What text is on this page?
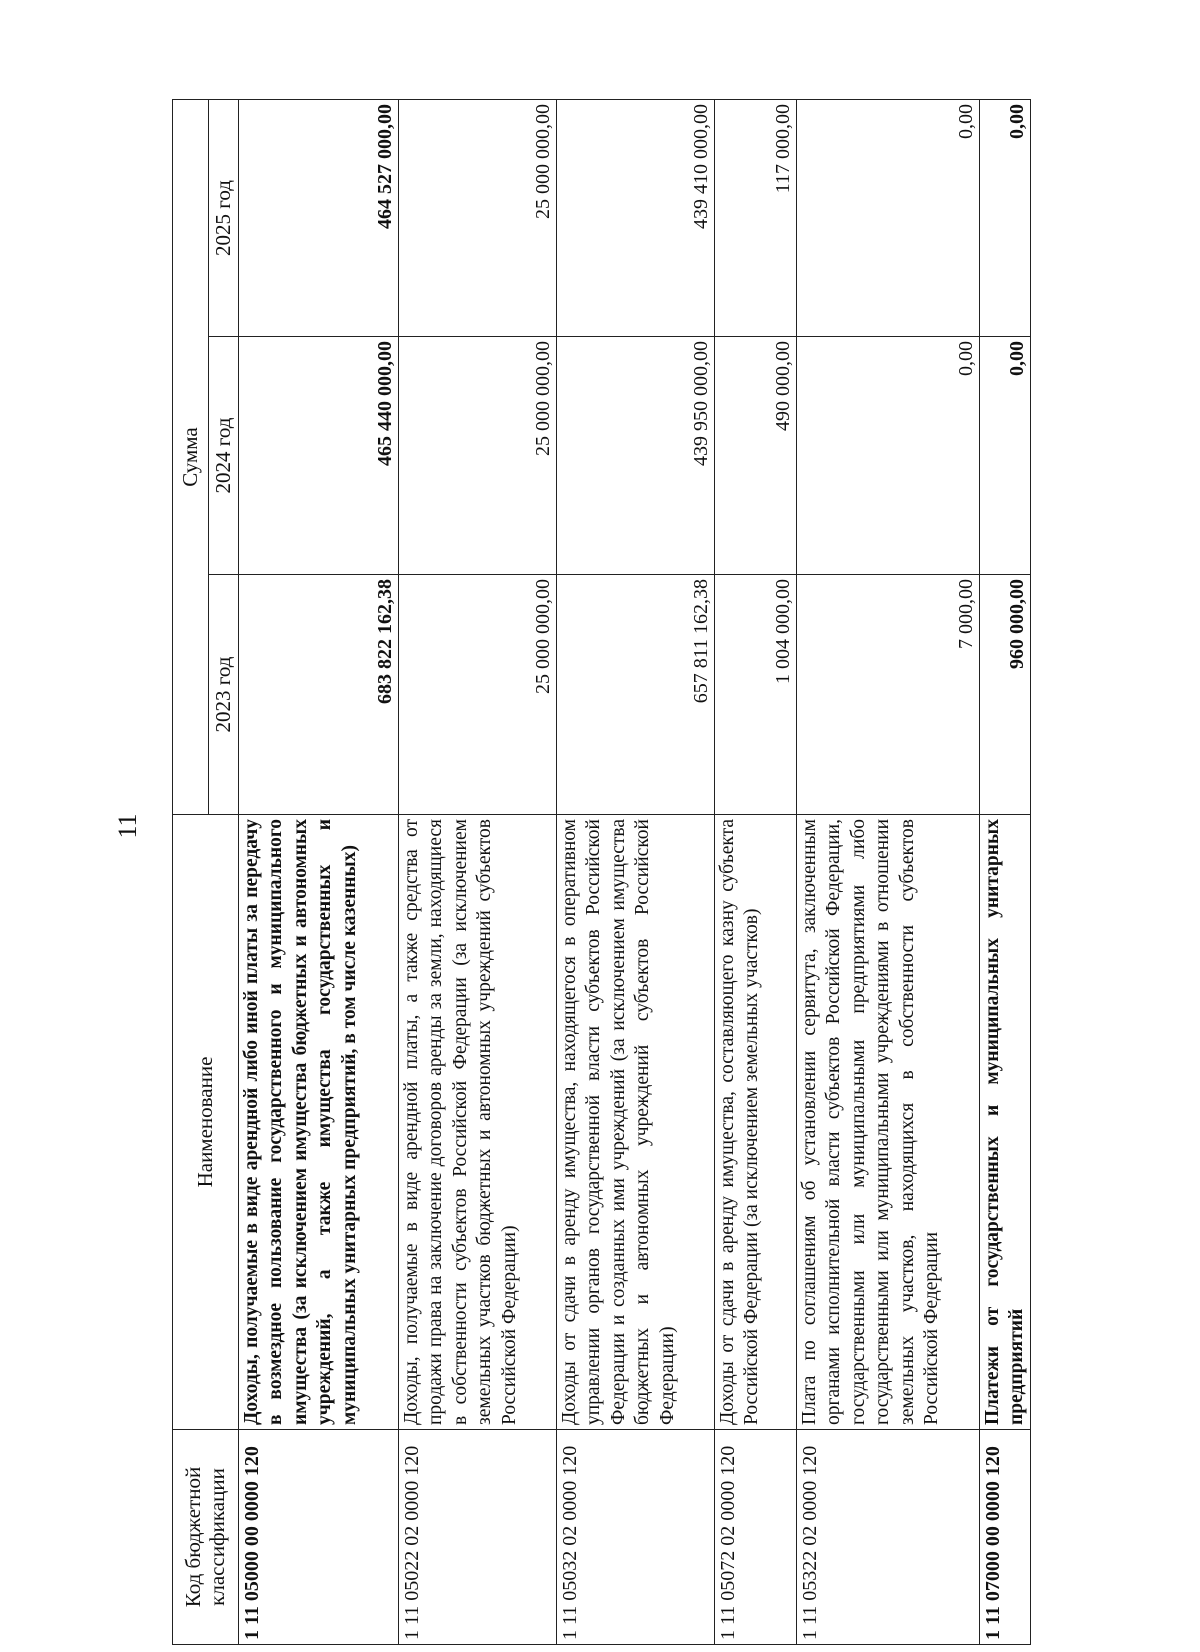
11
Код бюджетной классификации	Наименование	Сумма		
		2023 год	2024 год	2025 год
1 11 05000 00 0000 120	Доходы, получаемые в виде арендной либо иной платы за передачу в возмездное пользование государственного и муниципального имущества (за исключением имущества бюджетных и автономных учреждений, а также имущества государственных и муниципальных унитарных предприятий, в том числе казенных)	683 822 162,38	465 440 000,00	464 527 000,00
1 11 05022 02 0000 120	Доходы, получаемые в виде арендной платы, а также средства от продажи права на заключение договоров аренды за земли, находящиеся в собственности субъектов Российской Федерации (за исключением земельных участков бюджетных и автономных учреждений субъектов Российской Федерации)	25 000 000,00	25 000 000,00	25 000 000,00
1 11 05032 02 0000 120	Доходы от сдачи в аренду имущества, находящегося в оперативном управлении органов государственной власти субъектов Российской Федерации и созданных ими учреждений (за исключением имущества бюджетных и автономных учреждений субъектов Российской Федерации)	657 811 162,38	439 950 000,00	439 410 000,00
1 11 05072 02 0000 120	Доходы от сдачи в аренду имущества, составляющего казну субъекта Российской Федерации (за исключением земельных участков)	1 004 000,00	490 000,00	117 000,00
1 11 05322 02 0000 120	Плата по соглашениям об установлении сервитута, заключенным органами исполнительной власти субъектов Российской Федерации, государственными или муниципальными предприятиями либо государственными или муниципальными учреждениями в отношении земельных участков, находящихся в собственности субъектов Российской Федерации	7 000,00	0,00	0,00
1 11 07000 00 0000 120	Платежи от государственных и муниципальных унитарных предприятий	960 000,00	0,00	0,00
